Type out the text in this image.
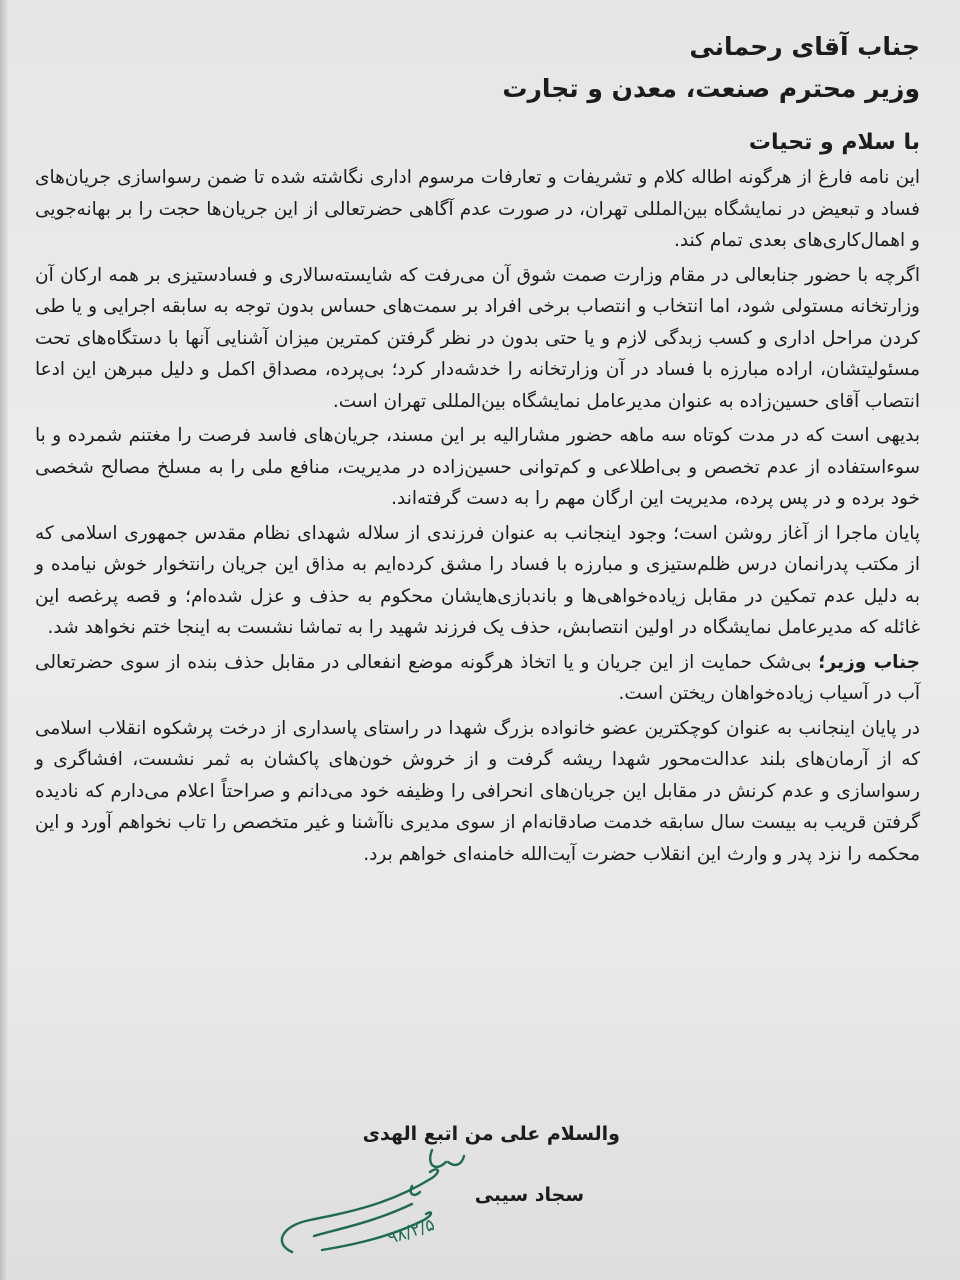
جناب آقای رحمانی

وزیر محترم صنعت، معدن و تجارت

با سلام و تحیات

این نامه فارغ از هرگونه اطاله کلام و تشریفات و تعارفات مرسوم اداری نگاشته شده تا ضمن رسواسازی جریان‌های فساد و تبعیض در نمایشگاه بین‌المللی تهران، در صورت عدم آگاهی حضرتعالی از این جریان‌ها حجت را بر بهانه‌جویی و اهمال‌کاری‌های بعدی تمام کند.

اگرچه با حضور جنابعالی در مقام وزارت صمت شوق آن می‌رفت که شایسته‌سالاری و فسادستیزی بر همه ارکان آن وزارتخانه مستولی شود، اما انتخاب و انتصاب برخی افراد بر سمت‌های حساس بدون توجه به سابقه اجرایی و یا طی کردن مراحل اداری و کسب زبدگی لازم و یا حتی بدون در نظر گرفتن کمترین میزان آشنایی آنها با دستگاه‌های تحت مسئولیتشان، اراده مبارزه با فساد در آن وزارتخانه را خدشه‌دار کرد؛ بی‌پرده، مصداق اکمل و دلیل مبرهن این ادعا انتصاب آقای حسین‌زاده به عنوان مدیرعامل نمایشگاه بین‌المللی تهران است.

بدیهی است که در مدت کوتاه سه ماهه حضور مشارالیه بر این مسند، جریان‌های فاسد فرصت را مغتنم شمرده و با سوءاستفاده از عدم تخصص و بی‌اطلاعی و کم‌توانی حسین‌زاده در مدیریت، منافع ملی را به مسلخ مصالح شخصی خود برده و در پس پرده، مدیریت این ارگان مهم را به دست گرفته‌اند.

پایان ماجرا از آغاز روشن است؛ وجود اینجانب به عنوان فرزندی از سلاله شهدای نظام مقدس جمهوری اسلامی که از مکتب پدرانمان درس ظلم‌ستیزی و مبارزه با فساد را مشق کرده‌ایم به مذاق این جریان رانتخوار خوش نیامده و به دلیل عدم تمکین در مقابل زیاده‌خواهی‌ها و باندبازی‌هایشان محکوم به حذف و عزل شده‌ام؛ و قصه پرغصه این غائله که مدیرعامل نمایشگاه در اولین انتصابش، حذف یک فرزند شهید را به تماشا نشست به اینجا ختم نخواهد شد.

جناب وزیر؛ بی‌شک حمایت از این جریان و یا اتخاذ هرگونه موضع انفعالی در مقابل حذف بنده از سوی حضرتعالی آب در آسیاب زیاده‌خواهان ریختن است.

در پایان اینجانب به عنوان کوچکترین عضو خانواده بزرگ شهدا در راستای پاسداری از درخت پرشکوه انقلاب اسلامی که از آرمان‌های بلند عدالت‌محور شهدا ریشه گرفت و از خروش خون‌های پاکشان به ثمر نشست، افشاگری و رسواسازی و عدم کرنش در مقابل این جریان‌های انحرافی را وظیفه خود می‌دانم و صراحتاً اعلام می‌دارم که نادیده گرفتن قریب به بیست سال سابقه خدمت صادقانه‌ام از سوی مدیری ناآشنا و غیر متخصص را تاب نخواهم آورد و این محکمه را نزد پدر و وارث این انقلاب حضرت آیت‌الله خامنه‌ای خواهم برد.

والسلام علی من اتبع الهدی
سجاد سیبی
۹۸/۲/۵
